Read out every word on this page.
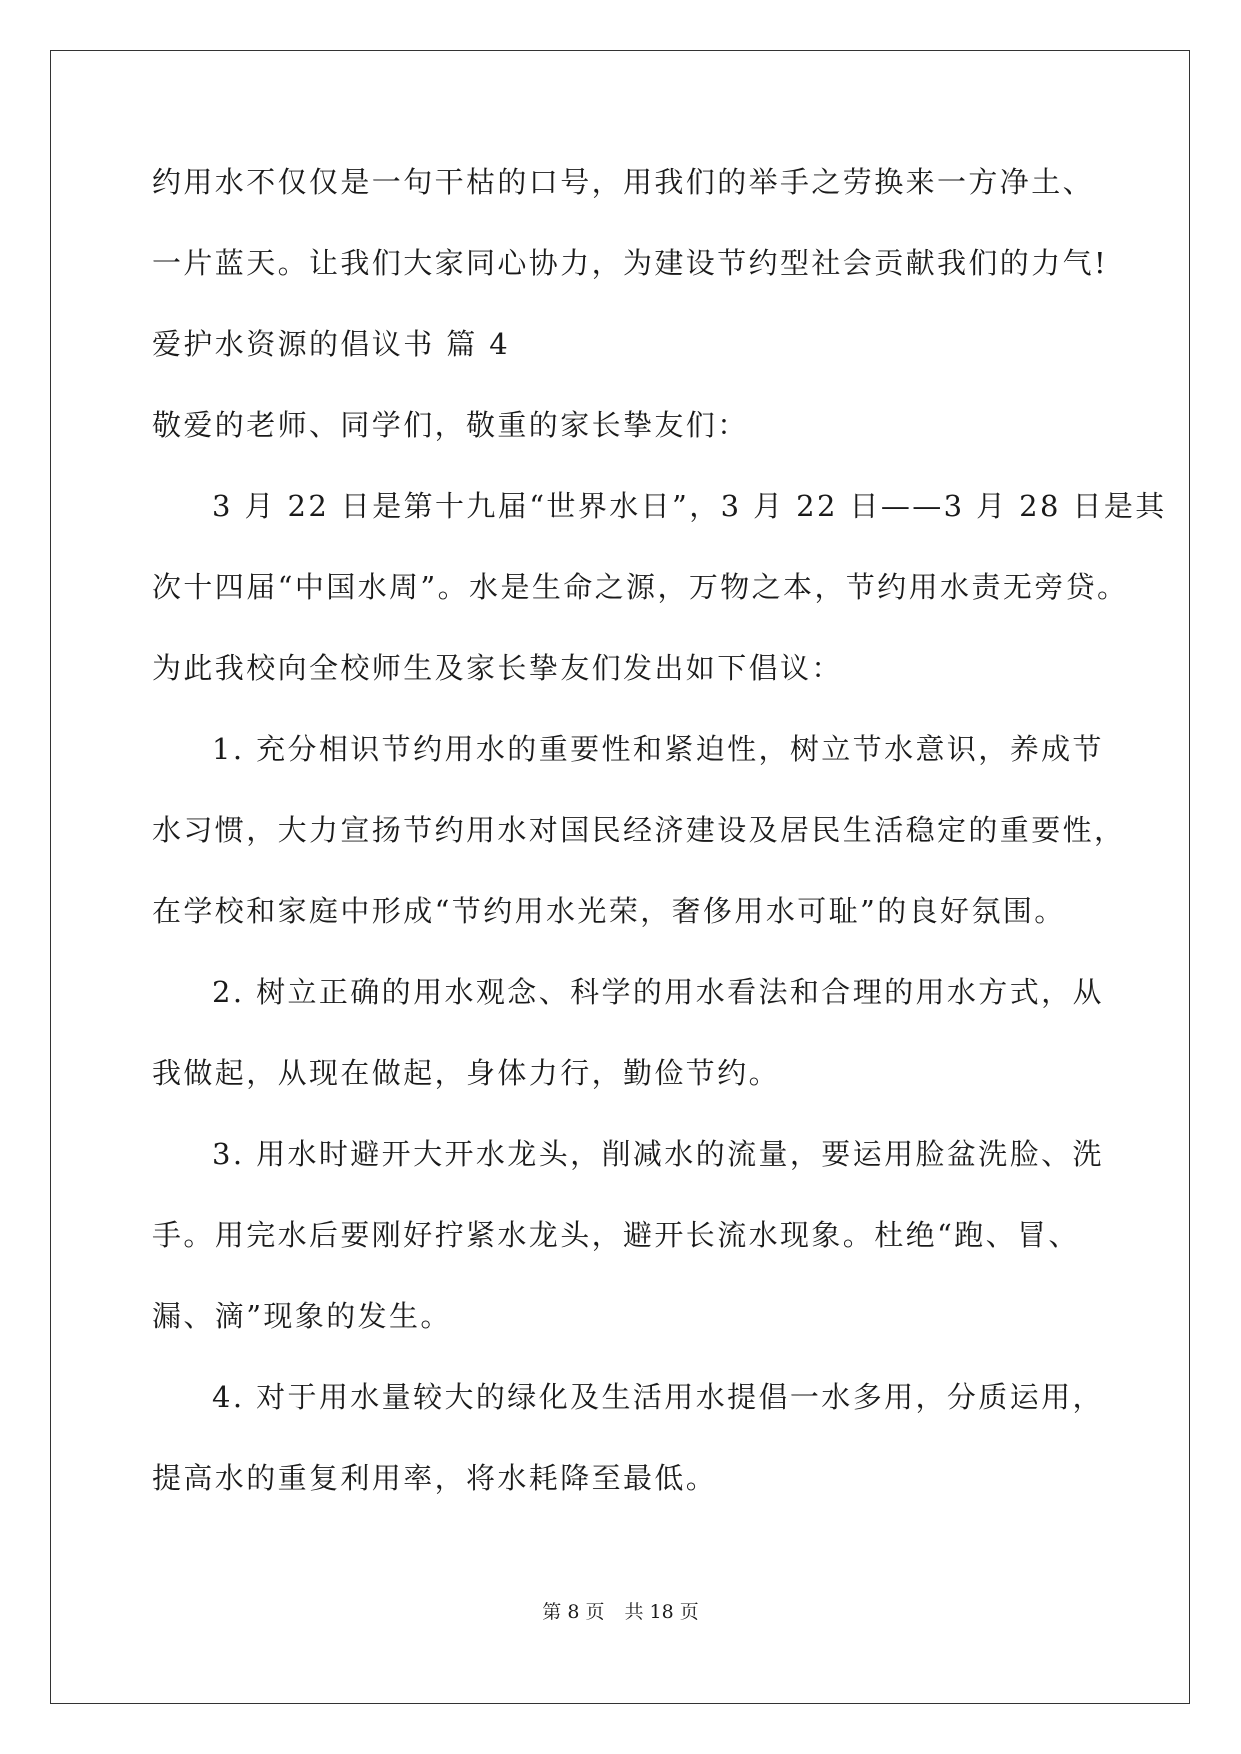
约用水不仅仅是一句干枯的口号，用我们的举手之劳换来一方净土、
一片蓝天。让我们大家同心协力，为建设节约型社会贡献我们的力气!
爱护水资源的倡议书 篇 4
敬爱的老师、同学们，敬重的家长挚友们：
3 月 22 日是第十九届“世界水日”，3 月 22 日——3 月 28 日是其
次十四届“中国水周”。水是生命之源，万物之本，节约用水责无旁贷。
为此我校向全校师生及家长挚友们发出如下倡议：
1. 充分相识节约用水的重要性和紧迫性，树立节水意识，养成节
水习惯，大力宣扬节约用水对国民经济建设及居民生活稳定的重要性，
在学校和家庭中形成“节约用水光荣，奢侈用水可耻”的良好氛围。
2. 树立正确的用水观念、科学的用水看法和合理的用水方式，从
我做起，从现在做起，身体力行，勤俭节约。
3. 用水时避开大开水龙头，削减水的流量，要运用脸盆洗脸、洗
手。用完水后要刚好拧紧水龙头，避开长流水现象。杜绝“跑、冒、
漏、滴”现象的发生。
4. 对于用水量较大的绿化及生活用水提倡一水多用，分质运用，
提高水的重复利用率，将水耗降至最低。
第 8 页 共 18 页
